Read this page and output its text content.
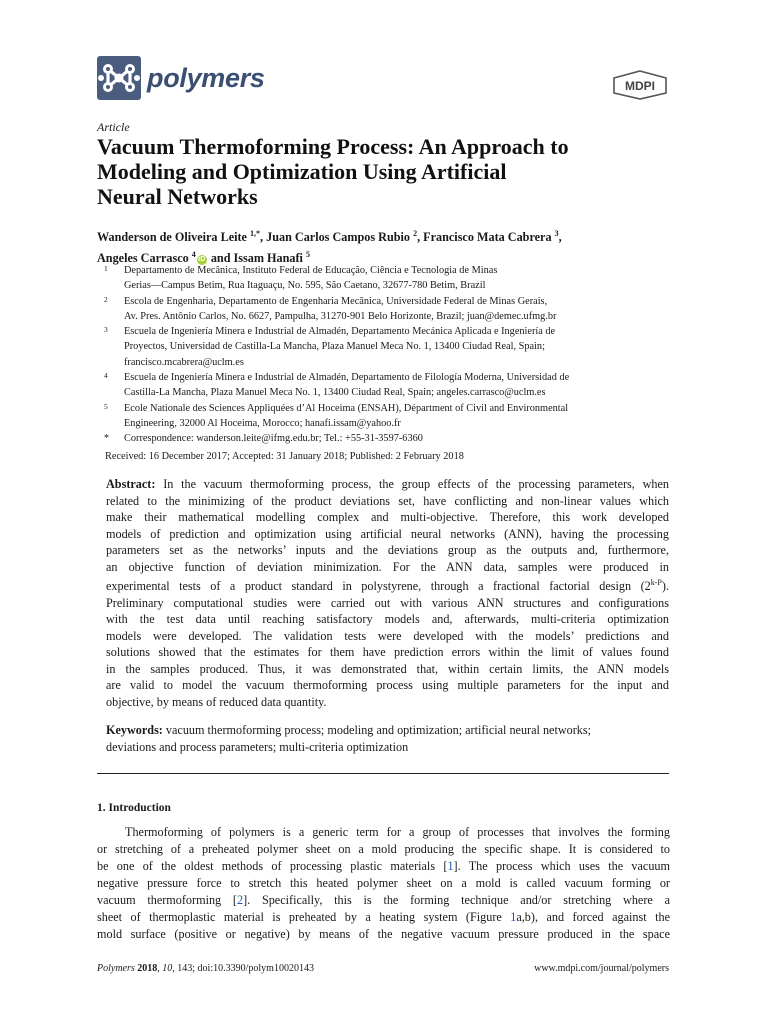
polymers	MDPI
Article
Vacuum Thermoforming Process: An Approach to
Modeling and Optimization Using Artificial
Neural Networks
Wanderson de Oliveira Leite $^{1,*}$, Juan Carlos Campos Rubio $^2$, Francisco Mata Cabrera $^3$,
Angeles Carrasco $^4$iD and Issam Hanafi $^5$
1	Departamento de Mecânica, Instituto Federal de Educação, Ciência e Tecnologia de Minas
Gerias—Campus Betim, Rua Itaguaçu, No. 595, São Caetano, 32677-780 Betim, Brazil
2	Escola de Engenharia, Departamento de Engenharia Mecânica, Universidade Federal de Minas Gerais,
Av. Pres. Antônio Carlos, No. 6627, Pampulha, 31270-901 Belo Horizonte, Brazil; juan@demec.ufmg.br
3	Escuela de Ingeniería Minera e Industrial de Almadén, Departamento Mecánica Aplicada e Ingeniería de
Proyectos, Universidad de Castilla-La Mancha, Plaza Manuel Meca No. 1, 13400 Ciudad Real, Spain;
francisco.mcabrera@uclm.es
4	Escuela de Ingeniería Minera e Industrial de Almadén, Departamento de Filología Moderna, Universidad de
Castilla-La Mancha, Plaza Manuel Meca No. 1, 13400 Ciudad Real, Spain; angeles.carrasco@uclm.es
5	Ecole Nationale des Sciences Appliquées d’Al Hoceima (ENSAH), Départment of Civil and Environmental
Engineering, 32000 Al Hoceima, Morocco; hanafi.issam@yahoo.fr
*	Correspondence: wanderson.leite@ifmg.edu.br; Tel.: +55-31-3597-6360
Received: 16 December 2017; Accepted: 31 January 2018; Published: 2 February 2018
Abstract: In the vacuum thermoforming process, the group effects of the processing parameters, when
related to the minimizing of the product deviations set, have conflicting and non-linear values which
make their mathematical modelling complex and multi-objective. Therefore, this work developed
models of prediction and optimization using artificial neural networks (ANN), having the processing
parameters set as the networks’ inputs and the deviations group as the outputs and, furthermore,
an objective function of deviation minimization. For the ANN data, samples were produced in
experimental tests of a product standard in polystyrene, through a fractional factorial design $(2^{k-P})$.
Preliminary computational studies were carried out with various ANN structures and configurations
with the test data until reaching satisfactory models and, afterwards, multi-criteria optimization
models were developed. The validation tests were developed with the models’ predictions and
solutions showed that the estimates for them have prediction errors within the limit of values found
in the samples produced. Thus, it was demonstrated that, within certain limits, the ANN models
are valid to model the vacuum thermoforming process using multiple parameters for the input and
objective, by means of reduced data quantity.
Keywords: vacuum thermoforming process; modeling and optimization; artificial neural networks;
deviations and process parameters; multi-criteria optimization
1. Introduction
Thermoforming of polymers is a generic term for a group of processes that involves the forming
or stretching of a preheated polymer sheet on a mold producing the specific shape. It is considered to
be one of the oldest methods of processing plastic materials [1]. The process which uses the vacuum
negative pressure force to stretch this heated polymer sheet on a mold is called vacuum forming or
vacuum thermoforming [2]. Specifically, this is the forming technique and/or stretching where a
sheet of thermoplastic material is preheated by a heating system (Figure 1a,b), and forced against the
mold surface (positive or negative) by means of the negative vacuum pressure produced in the space
Polymers 2018, 10, 143; doi:10.3390/polym10020143	www.mdpi.com/journal/polymers
